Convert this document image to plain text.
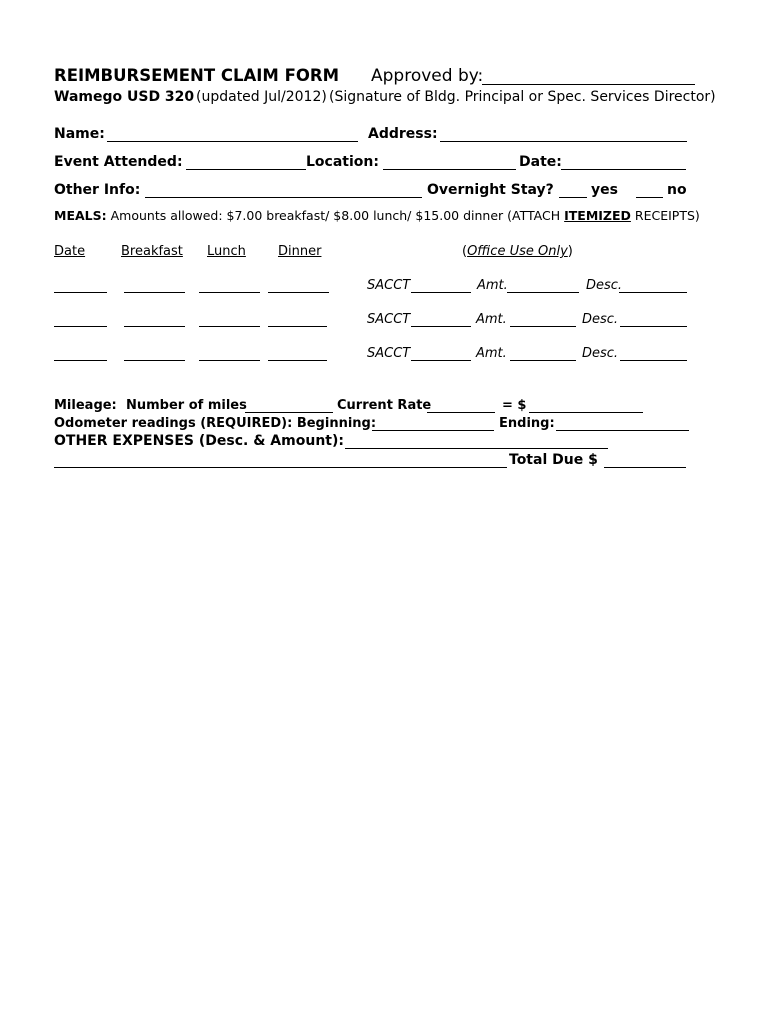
REIMBURSEMENT CLAIM FORM Approved by:
Wamego USD 320 (updated Jul/2012) (Signature of Bldg. Principal or Spec. Services Director)
Name:	Address:
Event Attended:	Location:	Date:
Other Info:	Overnight Stay?	yes	no
MEALS: Amounts allowed: $7.00 breakfast/ $8.00 lunch/ $15.00 dinner (ATTACH ITEMIZED RECEIPTS)
Date	Breakfast Lunch Dinner	(Office Use Only)
SACCT	Amt.	Desc.
SACCT	Amt.	Desc.
SACCT	Amt.	Desc.
Mileage: Number of miles	Current Rate	= $
Odometer readings (REQUIRED): Beginning:	Ending:
OTHER EXPENSES (Desc. & Amount):
Total Due $
